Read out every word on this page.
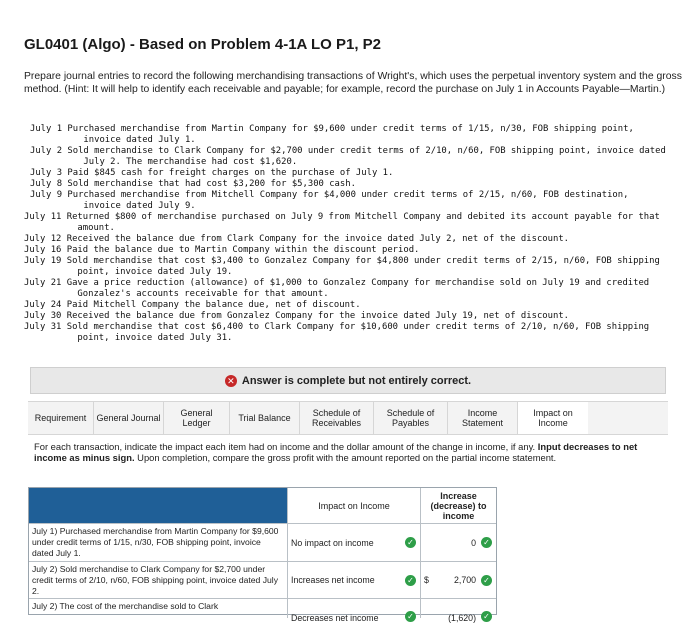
GL0401 (Algo) - Based on Problem 4-1A LO P1, P2
Prepare journal entries to record the following merchandising transactions of Wright's, which uses the perpetual inventory system and the gross method. (Hint: It will help to identify each receivable and payable; for example, record the purchase on July 1 in Accounts Payable—Martin.)
July 1 Purchased merchandise from Martin Company for $9,600 under credit terms of 1/15, n/30, FOB shipping point,
invoice dated July 1.
July 2 Sold merchandise to Clark Company for $2,700 under credit terms of 2/10, n/60, FOB shipping point, invoice dated
July 2. The merchandise had cost $1,620.
July 3 Paid $845 cash for freight charges on the purchase of July 1.
July 8 Sold merchandise that had cost $3,200 for $5,300 cash.
July 9 Purchased merchandise from Mitchell Company for $4,000 under credit terms of 2/15, n/60, FOB destination,
invoice dated July 9.
July 11 Returned $800 of merchandise purchased on July 9 from Mitchell Company and debited its account payable for that
amount.
July 12 Received the balance due from Clark Company for the invoice dated July 2, net of the discount.
July 16 Paid the balance due to Martin Company within the discount period.
July 19 Sold merchandise that cost $3,400 to Gonzalez Company for $4,800 under credit terms of 2/15, n/60, FOB shipping
point, invoice dated July 19.
July 21 Gave a price reduction (allowance) of $1,000 to Gonzalez Company for merchandise sold on July 19 and credited
Gonzalez's accounts receivable for that amount.
July 24 Paid Mitchell Company the balance due, net of discount.
July 30 Received the balance due from Gonzalez Company for the invoice dated July 19, net of discount.
July 31 Sold merchandise that cost $6,400 to Clark Company for $10,600 under credit terms of 2/10, n/60, FOB shipping
point, invoice dated July 31.
✕ Answer is complete but not entirely correct.
Requirement	General Journal	General Ledger	Trial Balance	Schedule of Receivables
Schedule of Payables
Income Statement
Impact on Income
For each transaction, indicate the impact each item had on income and the dollar amount of the change in income, if any. Input decreases to net income as minus sign. Upon completion, compare the gross profit with the amount reported on the partial income statement.
Impact on Income
Increase (decrease) to income
July 1) Purchased merchandise from Martin Company for $9,600 under credit terms of 1/15, n/30, FOB shipping point, invoice dated July 1.
No impact on income	✓	0 ✓
July 2) Sold merchandise to Clark Company for $2,700 under credit terms of 2/10, n/60, FOB shipping point, invoice dated July 2.
Increases net income	✓ $	2,700 ✓
July 2) The cost of the merchandise sold to Clark
Decreases net income	✓	(1,620) ✓
